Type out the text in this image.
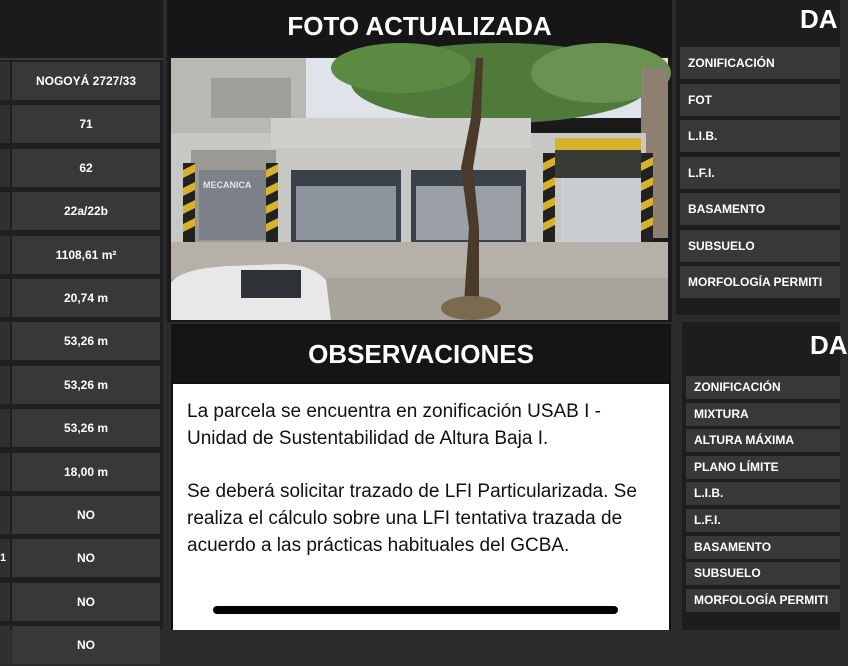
NOGOYÁ 2727/33
71
62
22a/22b
1108,61 m²
20,74 m
53,26 m
53,26 m
53,26 m
18,00 m
NO
1	NO
NO
NO
FOTO ACTUALIZADA
MECANICA
OBSERVACIONES

La parcela se encuentra en zonificación USAB I - Unidad de Sustentabilidad de Altura Baja I.

Se deberá solicitar trazado de LFI Particularizada. Se realiza el cálculo sobre una LFI tentativa trazada de acuerdo a las prácticas habituales del GCBA.

DA
ZONIFICACIÓN
FOT
L.I.B.
L.F.I.
BASAMENTO
SUBSUELO
MORFOLOGÍA PERMITI
DA
ZONIFICACIÓN
MIXTURA
ALTURA MÁXIMA
PLANO LÍMITE
L.I.B.
L.F.I.
BASAMENTO
SUBSUELO
MORFOLOGÍA PERMITI
